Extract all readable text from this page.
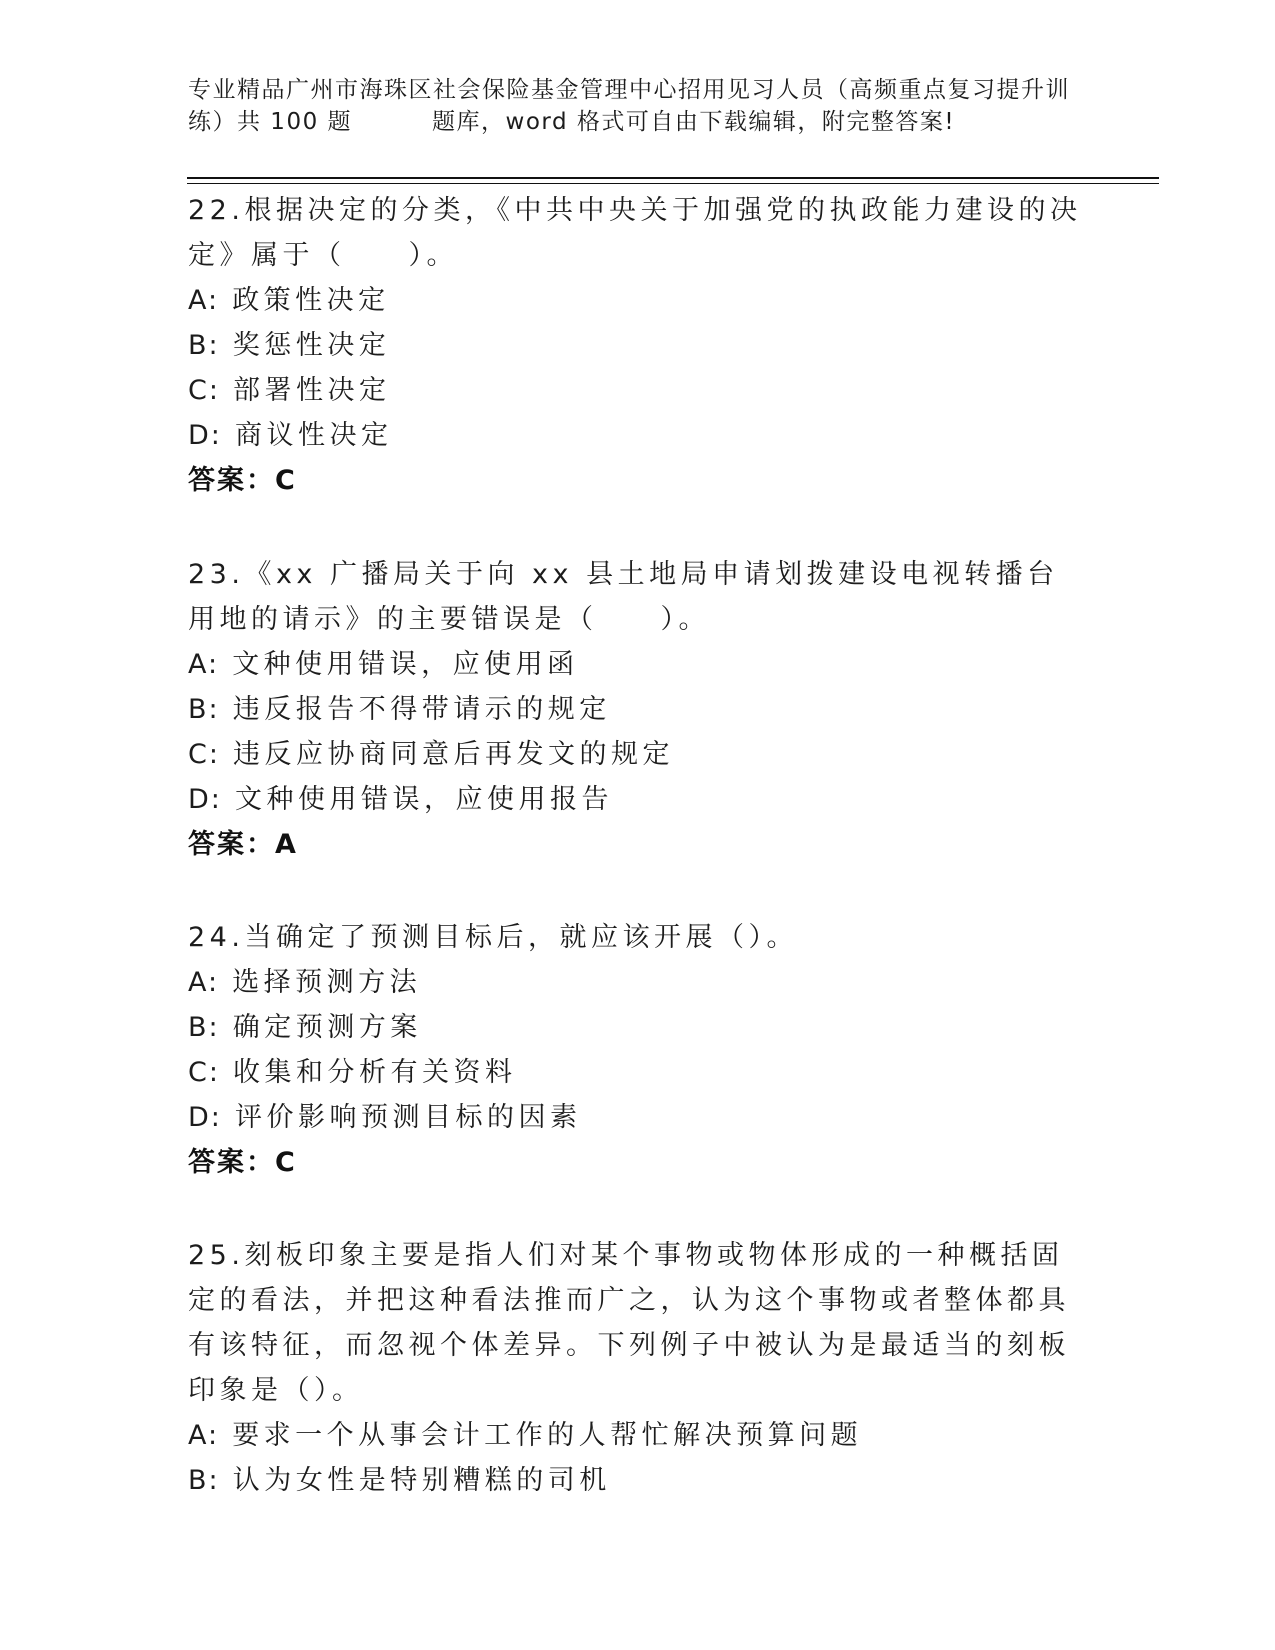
专业精品广州市海珠区社会保险基金管理中心招用见习人员（高频重点复习提升训
练）共 100 题	题库，word 格式可自由下载编辑，附完整答案!

22.根据决定的分类，《中共中央关于加强党的执政能力建设的决定》属于（　　）。

A: 政策性决定

B: 奖惩性决定

C: 部署性决定

D: 商议性决定

答案：C

23.《xx 广播局关于向 xx 县土地局申请划拨建设电视转播台用地的请示》的主要错误是（　　）。

A: 文种使用错误，应使用函

B: 违反报告不得带请示的规定

C: 违反应协商同意后再发文的规定

D: 文种使用错误，应使用报告

答案：A

24.当确定了预测目标后，就应该开展（）。

A: 选择预测方法

B: 确定预测方案

C: 收集和分析有关资料

D: 评价影响预测目标的因素

答案：C

25.刻板印象主要是指人们对某个事物或物体形成的一种概括固定的看法，并把这种看法推而广之，认为这个事物或者整体都具有该特征，而忽视个体差异。下列例子中被认为是最适当的刻板印象是（）。

A: 要求一个从事会计工作的人帮忙解决预算问题

B: 认为女性是特别糟糕的司机
